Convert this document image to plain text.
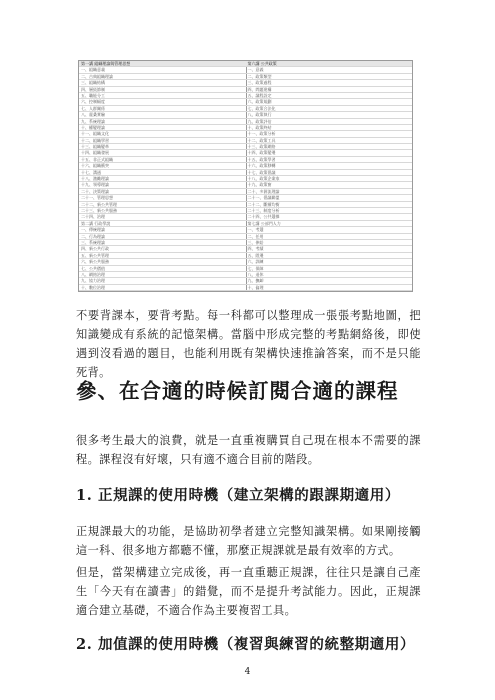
第一講 組織理論與管理思想
一、組織意義
二、古典組織理論
三、組織結構
四、層級節制
五、職能分工
六、控制幅度
七、人群關係
八、霍桑實驗
九、系統理論
十、權變理論
十一、組織文化
十二、組織學習
十三、組織變革
十四、組織發展
十五、非正式組織
十六、組織衝突
十七、溝通
十八、激勵理論
十九、領導理論
二十、決策理論
二十一、管理思想
二十二、新公共管理
二十三、新公共服務
二十四、治理
第二講 行政學說
一、傳統理論
二、行為理論
三、系統理論
四、新公共行政
五、新公共管理
六、新公共服務
七、公共價值
八、網絡治理
九、協力治理
十、數位治理
第六講 公共政策
一、意義
二、政策類型
三、政策過程
四、問題建構
五、議程設定
六、政策規劃
七、政策合法化
八、政策執行
九、政策評估
十、政策終結
十一、政策分析
十二、政策工具
十三、政策網絡
十四、政策變遷
十五、政策學習
十六、政策移轉
十七、政策倡議
十八、政策企業家
十九、政策窗
二十、多源流理論
二十一、倡議聯盟
二十二、斷續均衡
二十三、制度分析
二十四、公共選擇
第七講 公部門人力
一、考選
二、任用
三、俸給
四、考績
五、陞遷
六、訓練
七、保障
八、退休
九、撫卹
十、倫理
不要背課本，要背考點。每一科都可以整理成一張張考點地圖，把知識變成有系統的記憶架構。當腦中形成完整的考點網絡後，即使遇到沒看過的題目，也能利用既有架構快速推論答案，而不是只能死背。
參、在合適的時候訂閱合適的課程
很多考生最大的浪費，就是一直重複購買自己現在根本不需要的課程。課程沒有好壞，只有適不適合目前的階段。
1. 正規課的使用時機（建立架構的跟課期適用）
正規課最大的功能，是協助初學者建立完整知識架構。如果剛接觸這一科、很多地方都聽不懂，那麼正規課就是最有效率的方式。
但是，當架構建立完成後，再一直重聽正規課，往往只是讓自己產生「今天有在讀書」的錯覺，而不是提升考試能力。因此，正規課適合建立基礎，不適合作為主要複習工具。
2. 加值課的使用時機（複習與練習的統整期適用）
4
